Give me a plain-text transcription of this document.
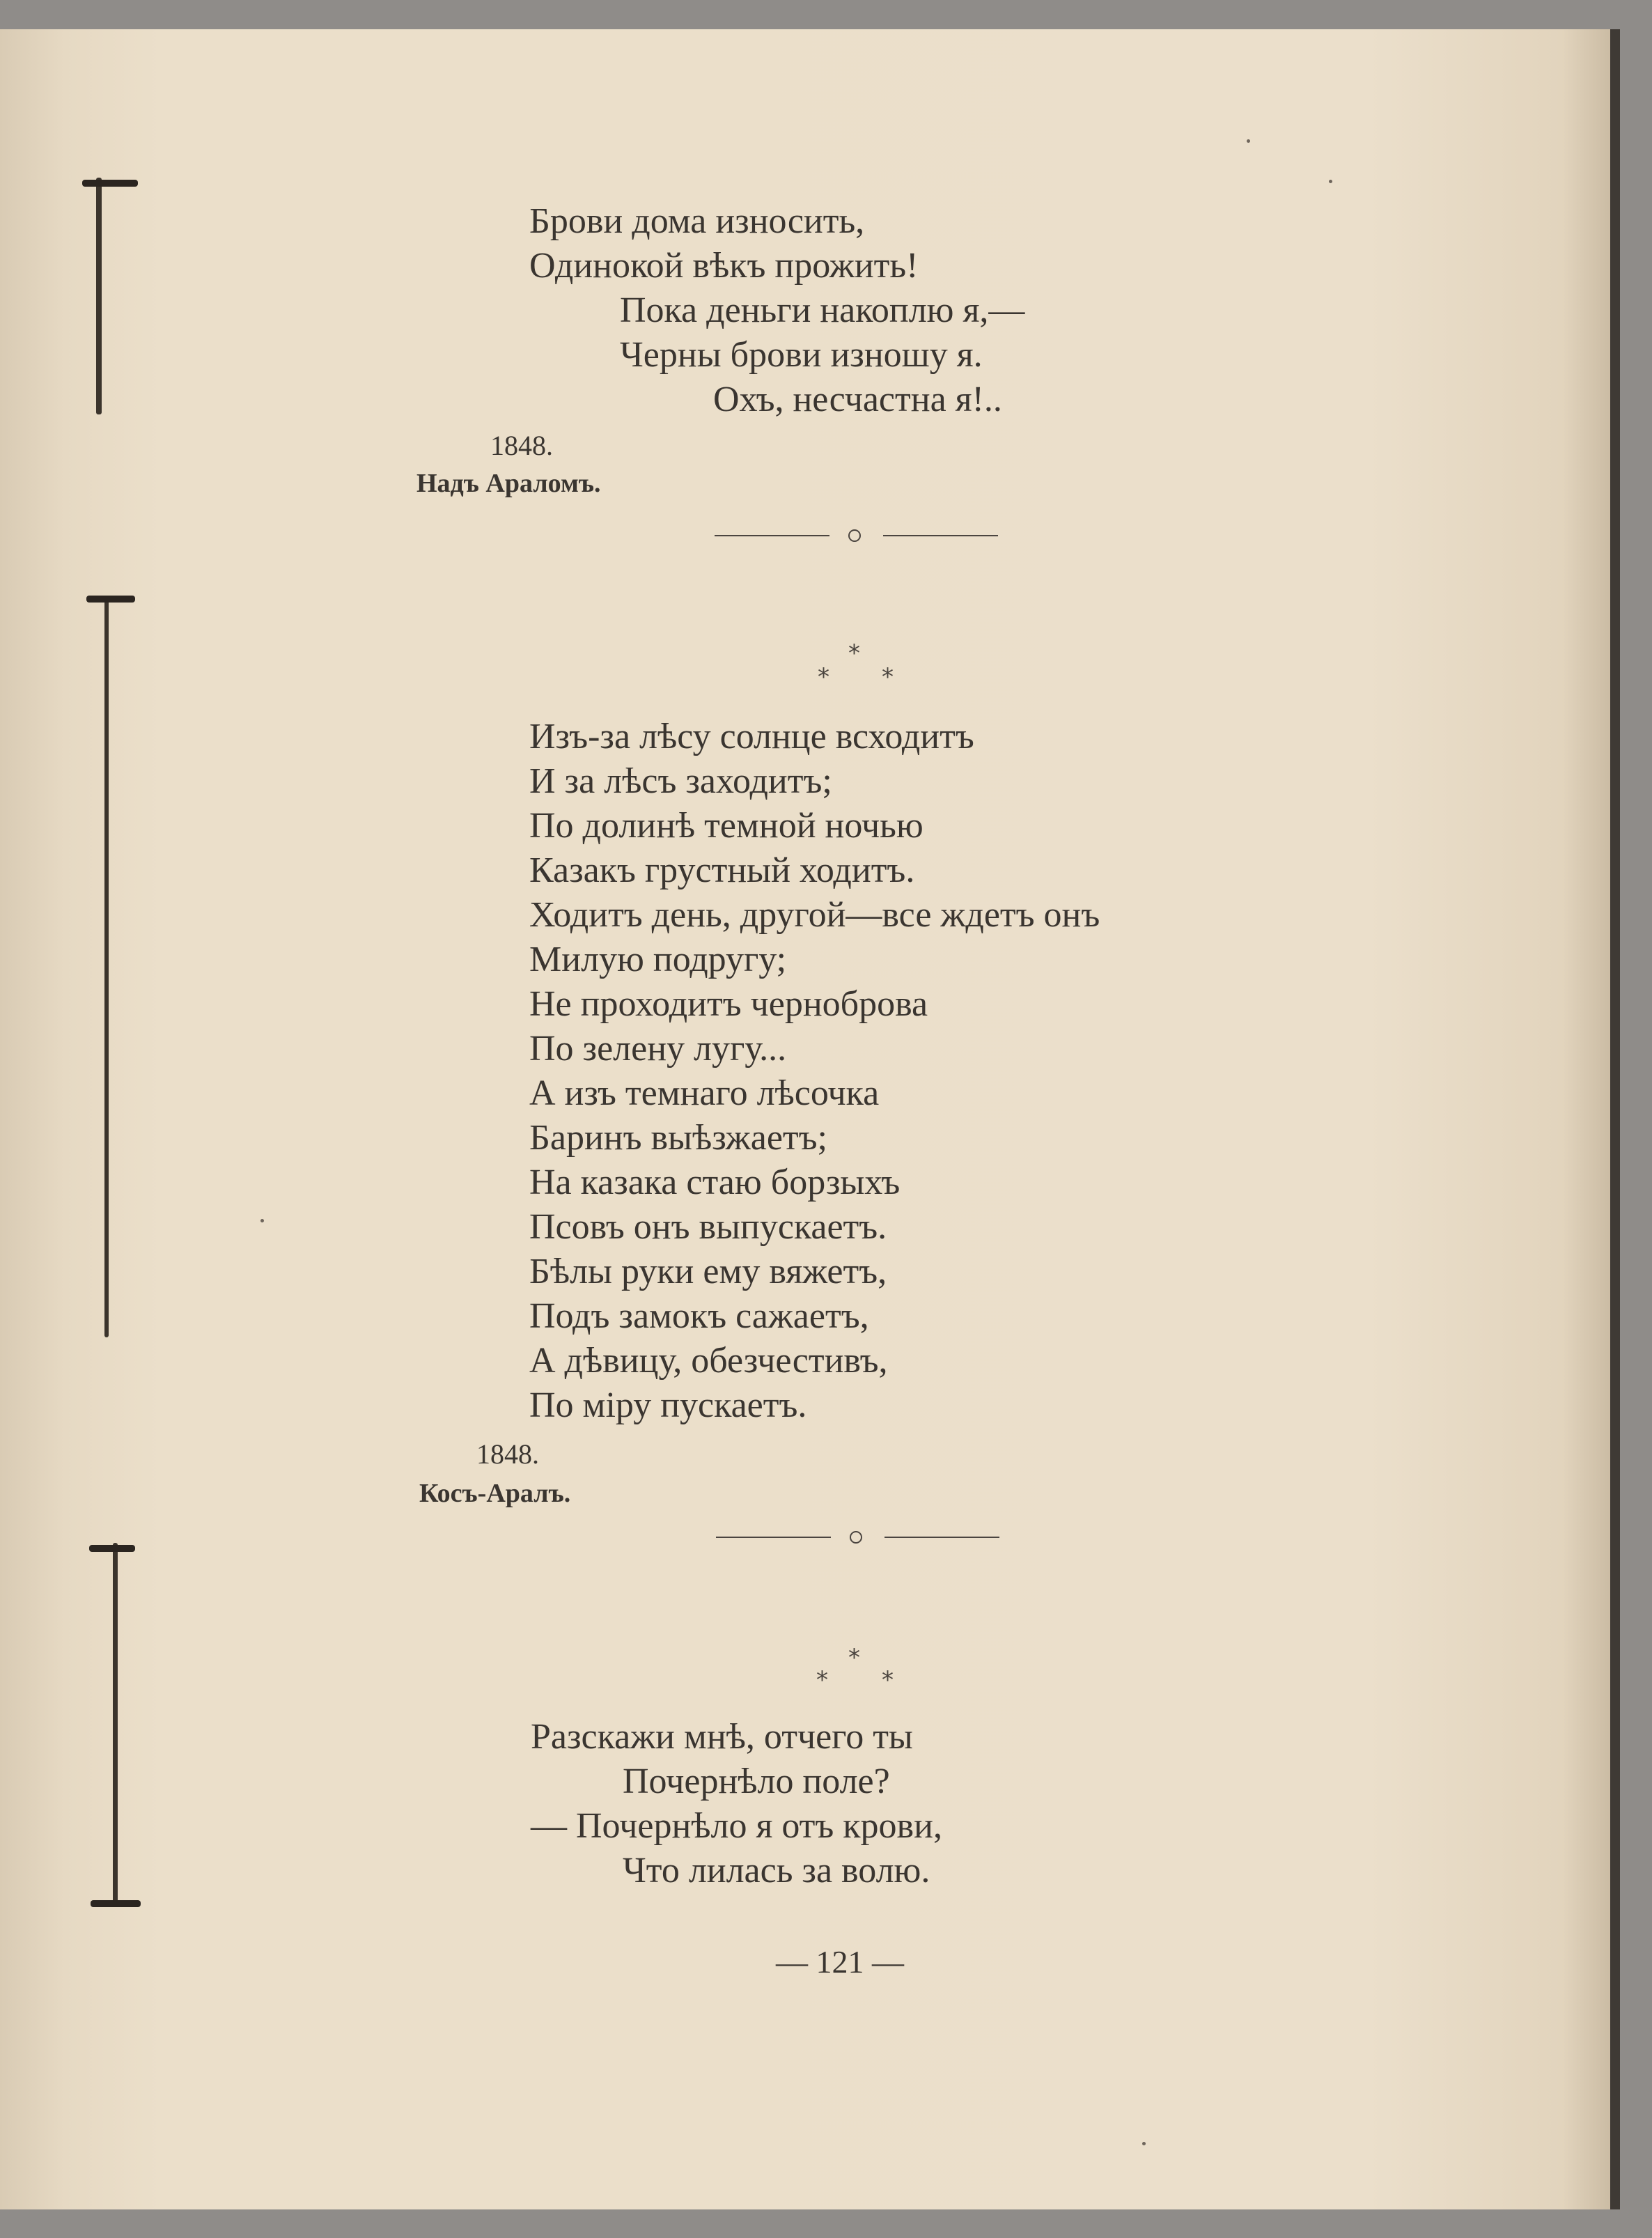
Брови дома износить,
Одинокой вѣкъ прожить!
Пока деньги накоплю я,—
Черны брови изношу я.
Охъ, несчастна я!..
1848.
Надъ Араломъ.
*
* *
Изъ-за лѣсу солнце всходитъ
И за лѣсъ заходитъ;
По долинѣ темной ночью
Казакъ грустный ходитъ.
Ходитъ день, другой—все ждетъ онъ
Милую подругу;
Не проходитъ черноброва
По зелену лугу...
А изъ темнаго лѣсочка
Баринъ выѣзжаетъ;
На казака стаю борзыхъ
Псовъ онъ выпускаетъ.
Бѣлы руки ему вяжетъ,
Подъ замокъ сажаетъ,
А дѣвицу, обезчестивъ,
По міру пускаетъ.
1848.
Косъ-Аралъ.
*
* *
Разскажи мнѣ, отчего ты
Почернѣло поле?
— Почернѣло я отъ крови,
Что лилась за волю.
— 121 —
